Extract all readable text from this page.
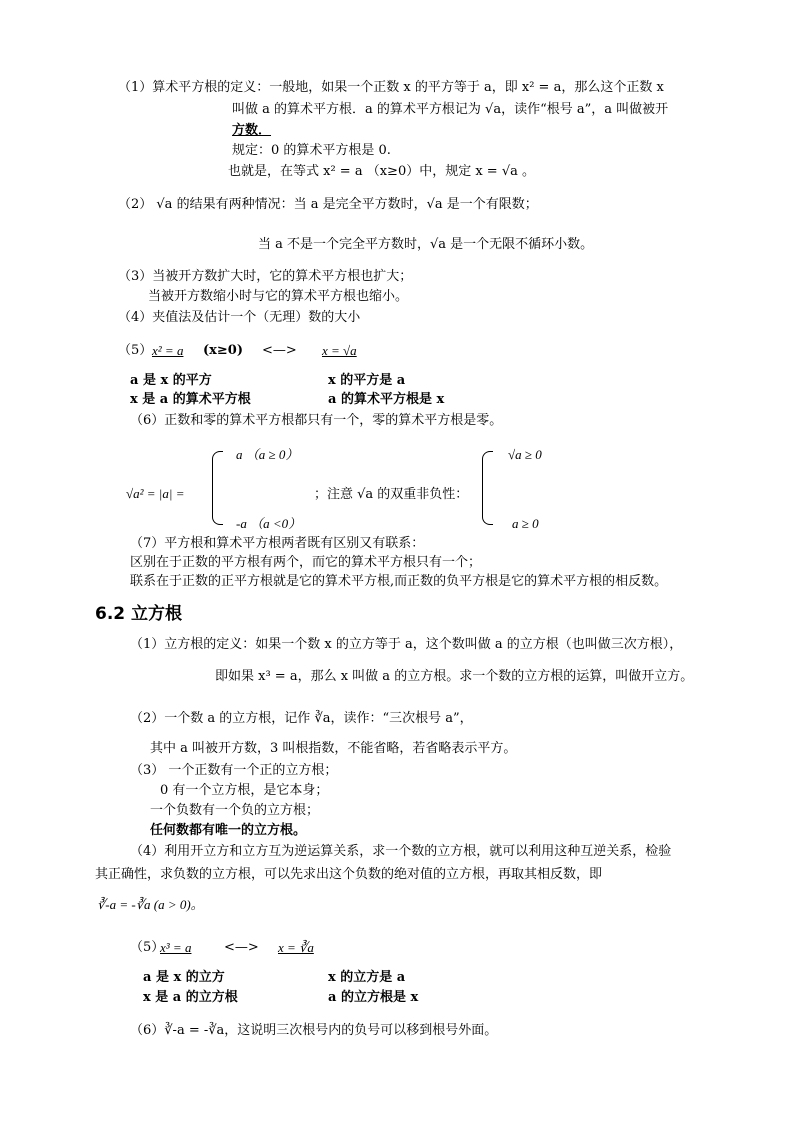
（1）算术平方根的定义：一般地，如果一个正数 x 的平方等于 a，即 x² = a，那么这个正数 x
叫做 a 的算术平方根．a 的算术平方根记为 √a，读作“根号 a”，a 叫做被开
方数．
规定：0 的算术平方根是 0.
也就是，在等式 x² = a （x≥0）中，规定 x = √a 。
（2） √a 的结果有两种情况：当 a 是完全平方数时，√a 是一个有限数；
当 a 不是一个完全平方数时，√a 是一个无限不循环小数。
（3）当被开方数扩大时，它的算术平方根也扩大；
当被开方数缩小时与它的算术平方根也缩小。
（4）夹值法及估计一个（无理）数的大小
（5） x² = a (x≥0) <—> x = √a
a 是 x 的平方	x 的平方是 a
x 是 a 的算术平方根	a 的算术平方根是 x
（6）正数和零的算术平方根都只有一个，零的算术平方根是零。
√a² = |a| =
a （a ≥ 0）
-a （a <0）
；注意 √a 的双重非负性：
√a ≥ 0
a ≥ 0
（7）平方根和算术平方根两者既有区别又有联系：
区别在于正数的平方根有两个，而它的算术平方根只有一个；
联系在于正数的正平方根就是它的算术平方根,而正数的负平方根是它的算术平方根的相反数。
6.2 立方根
（1）立方根的定义：如果一个数 x 的立方等于 a，这个数叫做 a 的立方根（也叫做三次方根），
即如果 x³ = a，那么 x 叫做 a 的立方根。求一个数的立方根的运算，叫做开立方。
（2）一个数 a 的立方根，记作 ∛a，读作：“三次根号 a”，
其中 a 叫被开方数，3 叫根指数，不能省略，若省略表示平方。
（3） 一个正数有一个正的立方根；
0 有一个立方根，是它本身；
一个负数有一个负的立方根；
任何数都有唯一的立方根。
（4）利用开立方和立方互为逆运算关系，求一个数的立方根，就可以利用这种互逆关系，检验
其正确性，求负数的立方根，可以先求出这个负数的绝对值的立方根，再取其相反数，即
∛-a = -∛a (a > 0)。
（5）
x³ = a	<—> x = ∛a
a 是 x 的立方	x 的立方是 a
x 是 a 的立方根	a 的立方根是 x
（6）∛-a = -∛a，这说明三次根号内的负号可以移到根号外面。
